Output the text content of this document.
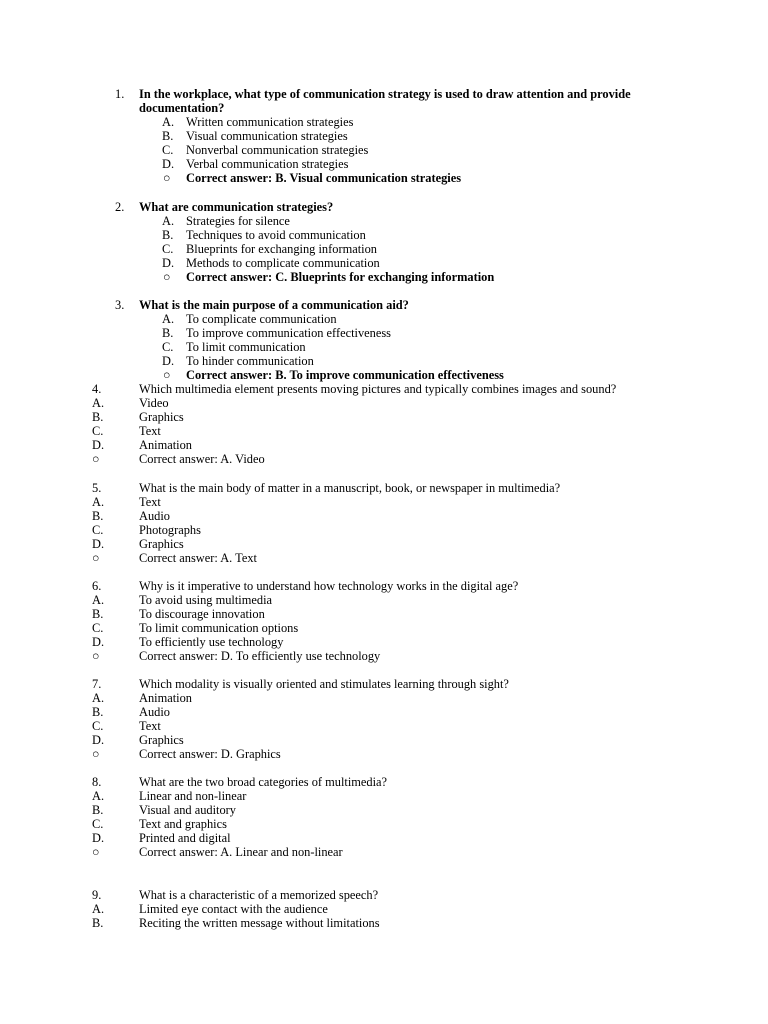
1. In the workplace, what type of communication strategy is used to draw attention and provide
documentation?
A. Written communication strategies
B. Visual communication strategies
C. Nonverbal communication strategies
D. Verbal communication strategies
○ Correct answer: B. Visual communication strategies
2. What are communication strategies?
A. Strategies for silence
B. Techniques to avoid communication
C. Blueprints for exchanging information
D. Methods to complicate communication
○ Correct answer: C. Blueprints for exchanging information
3. What is the main purpose of a communication aid?
A. To complicate communication
B. To improve communication effectiveness
C. To limit communication
D. To hinder communication
○ Correct answer: B. To improve communication effectiveness
4.	Which multimedia element presents moving pictures and typically combines images and sound?
A.	Video
B.	Graphics
C.	Text
D.	Animation
○	Correct answer: A. Video
5.	What is the main body of matter in a manuscript, book, or newspaper in multimedia?
A.	Text
B.	Audio
C.	Photographs
D.	Graphics
○	Correct answer: A. Text
6.	Why is it imperative to understand how technology works in the digital age?
A.	To avoid using multimedia
B.	To discourage innovation
C.	To limit communication options
D.	To efficiently use technology
○	Correct answer: D. To efficiently use technology
7.	Which modality is visually oriented and stimulates learning through sight?
A.	Animation
B.	Audio
C.	Text
D.	Graphics
○	Correct answer: D. Graphics
8.	What are the two broad categories of multimedia?
A.	Linear and non-linear
B.	Visual and auditory
C.	Text and graphics
D.	Printed and digital
○	Correct answer: A. Linear and non-linear
9.	What is a characteristic of a memorized speech?
A.	Limited eye contact with the audience
B.	Reciting the written message without limitations
